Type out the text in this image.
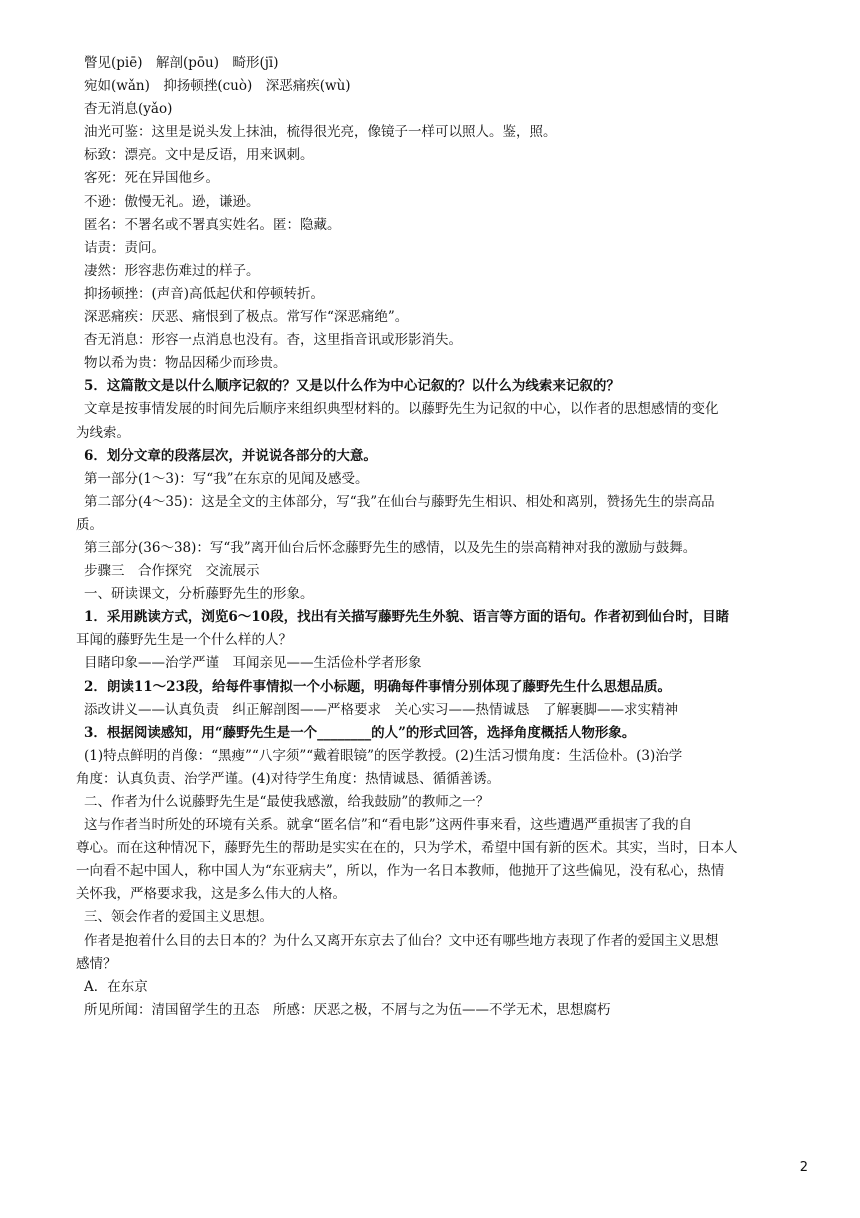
瞥见(piē)　解剖(pōu)　畸形(jī)

宛如(wǎn)　抑扬顿挫(cuò)　深恶痛疾(wù)

杳无消息(yǎo)

油光可鉴：这里是说头发上抹油，梳得很光亮，像镜子一样可以照人。鉴，照。

标致：漂亮。文中是反语，用来讽刺。

客死：死在异国他乡。

不逊：傲慢无礼。逊，谦逊。

匿名：不署名或不署真实姓名。匿：隐藏。

诘责：责问。

凄然：形容悲伤难过的样子。

抑扬顿挫：(声音)高低起伏和停顿转折。

深恶痛疾：厌恶、痛恨到了极点。常写作“深恶痛绝”。

杳无消息：形容一点消息也没有。杳，这里指音讯或形影消失。

物以希为贵：物品因稀少而珍贵。

5．这篇散文是以什么顺序记叙的？又是以什么作为中心记叙的？以什么为线索来记叙的？

文章是按事情发展的时间先后顺序来组织典型材料的。以藤野先生为记叙的中心，以作者的思想感情的变化

为线索。

6．划分文章的段落层次，并说说各部分的大意。

第一部分(1～3)：写“我”在东京的见闻及感受。

第二部分(4～35)：这是全文的主体部分，写“我”在仙台与藤野先生相识、相处和离别，赞扬先生的崇高品

质。

第三部分(36～38)：写“我”离开仙台后怀念藤野先生的感情，以及先生的崇高精神对我的激励与鼓舞。

步骤三　合作探究　交流展示

一、研读课文，分析藤野先生的形象。

1．采用跳读方式，浏览6～10段，找出有关描写藤野先生外貌、语言等方面的语句。作者初到仙台时，目睹

耳闻的藤野先生是一个什么样的人？

目睹印象——治学严谨　耳闻亲见——生活俭朴学者形象

2．朗读11～23段，给每件事情拟一个小标题，明确每件事情分别体现了藤野先生什么思想品质。

添改讲义——认真负责　纠正解剖图——严格要求　关心实习——热情诚恳　了解裹脚——求实精神

3．根据阅读感知，用“藤野先生是一个________的人”的形式回答，选择角度概括人物形象。

(1)特点鲜明的肖像：“黑瘦”“八字须”“戴着眼镜”的医学教授。(2)生活习惯角度：生活俭朴。(3)治学

角度：认真负责、治学严谨。(4)对待学生角度：热情诚恳、循循善诱。

二、作者为什么说藤野先生是“最使我感激，给我鼓励”的教师之一？

这与作者当时所处的环境有关系。就拿“匿名信”和“看电影”这两件事来看，这些遭遇严重损害了我的自

尊心。而在这种情况下，藤野先生的帮助是实实在在的，只为学术，希望中国有新的医术。其实，当时，日本人

一向看不起中国人，称中国人为“东亚病夫”，所以，作为一名日本教师，他抛开了这些偏见，没有私心，热情

关怀我，严格要求我，这是多么伟大的人格。

三、领会作者的爱国主义思想。

作者是抱着什么目的去日本的？为什么又离开东京去了仙台？文中还有哪些地方表现了作者的爱国主义思想

感情？

A．在东京

所见所闻：清国留学生的丑态　所感：厌恶之极，不屑与之为伍——不学无术，思想腐朽

2
